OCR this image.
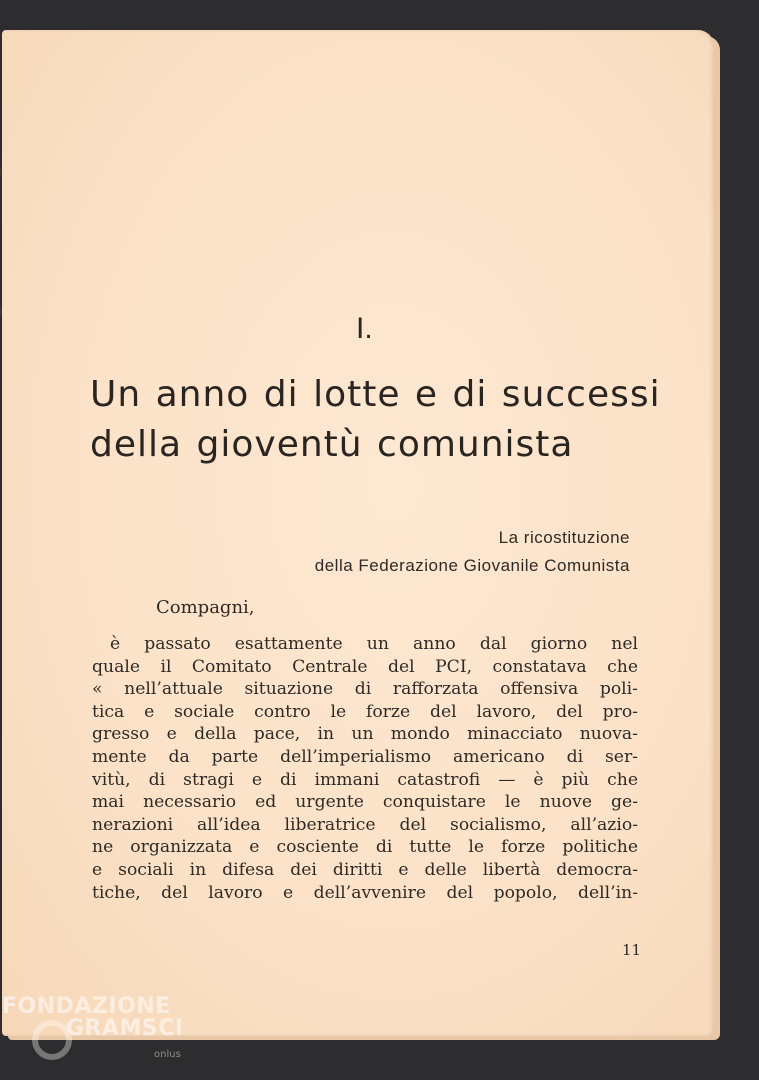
I.
Un anno di lotte e di successi
della gioventù comunista
La ricostituzione
della Federazione Giovanile Comunista
Compagni,
è passato esattamente un anno dal giorno nel
quale il Comitato Centrale del PCI, constatava che
« nell’attuale situazione di rafforzata offensiva poli-
tica e sociale contro le forze del lavoro, del pro-
gresso e della pace, in un mondo minacciato nuova-
mente da parte dell’imperialismo americano di ser-
vitù, di stragi e di immani catastrofi — è più che
mai necessario ed urgente conquistare le nuove ge-
nerazioni all’idea liberatrice del socialismo, all’azio-
ne organizzata e cosciente di tutte le forze politiche
e sociali in difesa dei diritti e delle libertà democra-
tiche, del lavoro e dell’avvenire del popolo, dell’in-
11
FONDAZIONE
GRAMSCI
onlus
